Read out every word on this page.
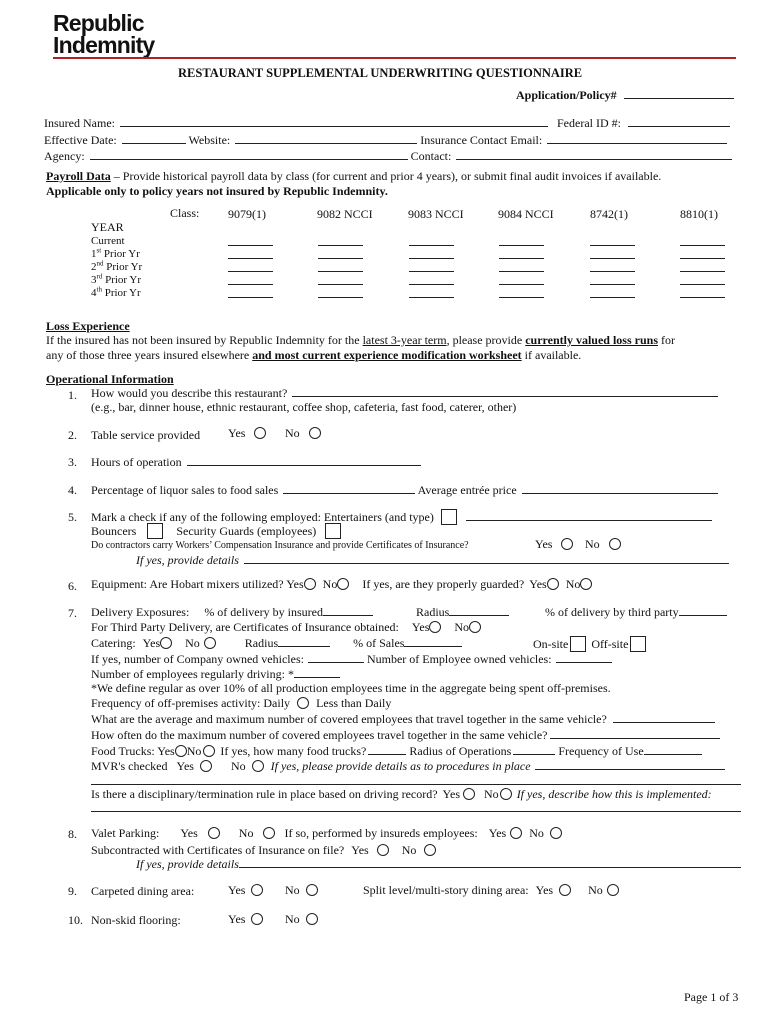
Republic
Indemnity
RESTAURANT SUPPLEMENTAL UNDERWRITING QUESTIONNAIRE
Application/Policy#
Insured Name:	Federal ID #:
Effective Date:	Website:	Insurance Contact Email:
Agency:	Contact:
Payroll Data – Provide historical payroll data by class (for current and prior 4 years), or submit final audit invoices if available.
Applicable only to policy years not insured by Republic Indemnity.
Class: 9079(1)	9082 NCCI	9083 NCCI	9084 NCCI	8742(1)	8810(1)
YEAR
Current
1st Prior Yr
2nd Prior Yr
3rd Prior Yr
4th Prior Yr
Loss Experience
If the insured has not been insured by Republic Indemnity for the latest 3-year term, please provide currently valued loss runs for
any of those three years insured elsewhere and most current experience modification worksheet if available.
Operational Information
1. How would you describe this restaurant?
(e.g., bar, dinner house, ethnic restaurant, coffee shop, cafeteria, fast food, caterer, other)
2. Table service provided Yes	No
3. Hours of operation
4. Percentage of liquor sales to food sales	Average entrée price
5. Mark a check if any of the following employed: Entertainers (and type)
Bouncers	Security Guards (employees)
Do contractors carry Workers’ Compensation Insurance and provide Certificates of Insurance?	Yes	No
If yes, provide details
6. Equipment: Are Hobart mixers utilized? Yes No If yes, are they properly guarded? Yes No
7. Delivery Exposures: % of delivery by insured	Radius	% of delivery by third party
For Third Party Delivery, are Certificates of Insurance obtained: Yes No
Catering: Yes No	Radius	% of Sales	On-site Off-site
If yes, number of Company owned vehicles:	Number of Employee owned vehicles:
Number of employees regularly driving: *
*We define regular as over 10% of all production employees time in the aggregate being spent off-premises.
Frequency of off-premises activity: Daily Less than Daily
What are the average and maximum number of covered employees that travel together in the same vehicle?
How often do the maximum number of covered employees travel together in the same vehicle?
Food Trucks: Yes No If yes, how many food trucks?	Radius of Operations	Frequency of Use
MVR's checked Yes	No If yes, please provide details as to procedures in place
Is there a disciplinary/termination rule in place based on driving record? Yes No If yes, describe how this is implemented:
8. Valet Parking: Yes	No	If so, performed by insureds employees: Yes No
Subcontracted with Certificates of Insurance on file? Yes	No
If yes, provide details
9. Carpeted dining area:	Yes	No	Split level/multi-story dining area: Yes	No
10. Non-skid flooring:	Yes	No
Page 1 of 3
